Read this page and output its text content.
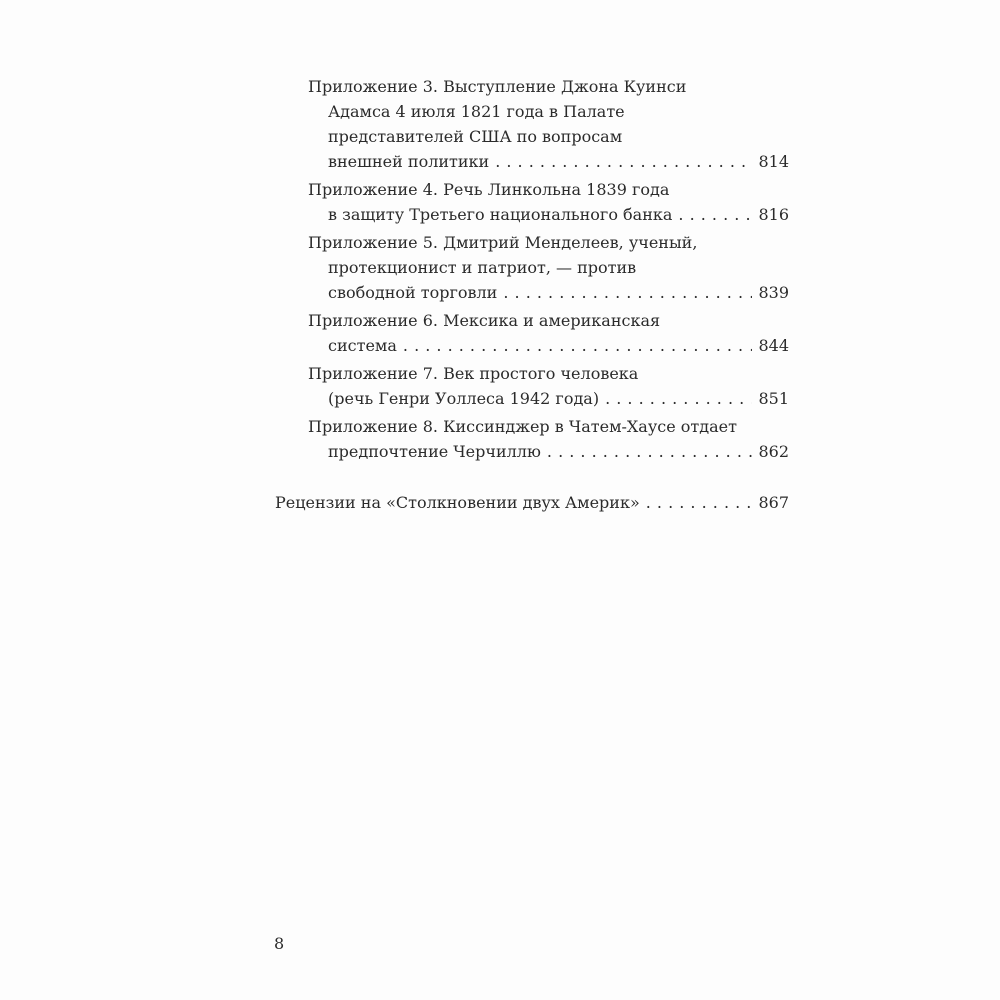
Приложение 3. Выступление Джона Куинси
Адамса 4 июля 1821 года в Палате
представителей США по вопросам
внешней политики . . .	814
Приложение 4. Речь Линкольна 1839 года
в защиту Третьего национального банка . . .	816
Приложение 5. Дмитрий Менделеев, ученый,
протекционист и патриот, — против
свободной торговли . . .	839
Приложение 6. Мексика и американская
система . . .	844
Приложение 7. Век простого человека
(речь Генри Уоллеса 1942 года) . . .	851
Приложение 8. Киссинджер в Чатем-Хаусе отдает
предпочтение Черчиллю . . .	862
Рецензии на «Столкновении двух Америк» . . .	867
8
